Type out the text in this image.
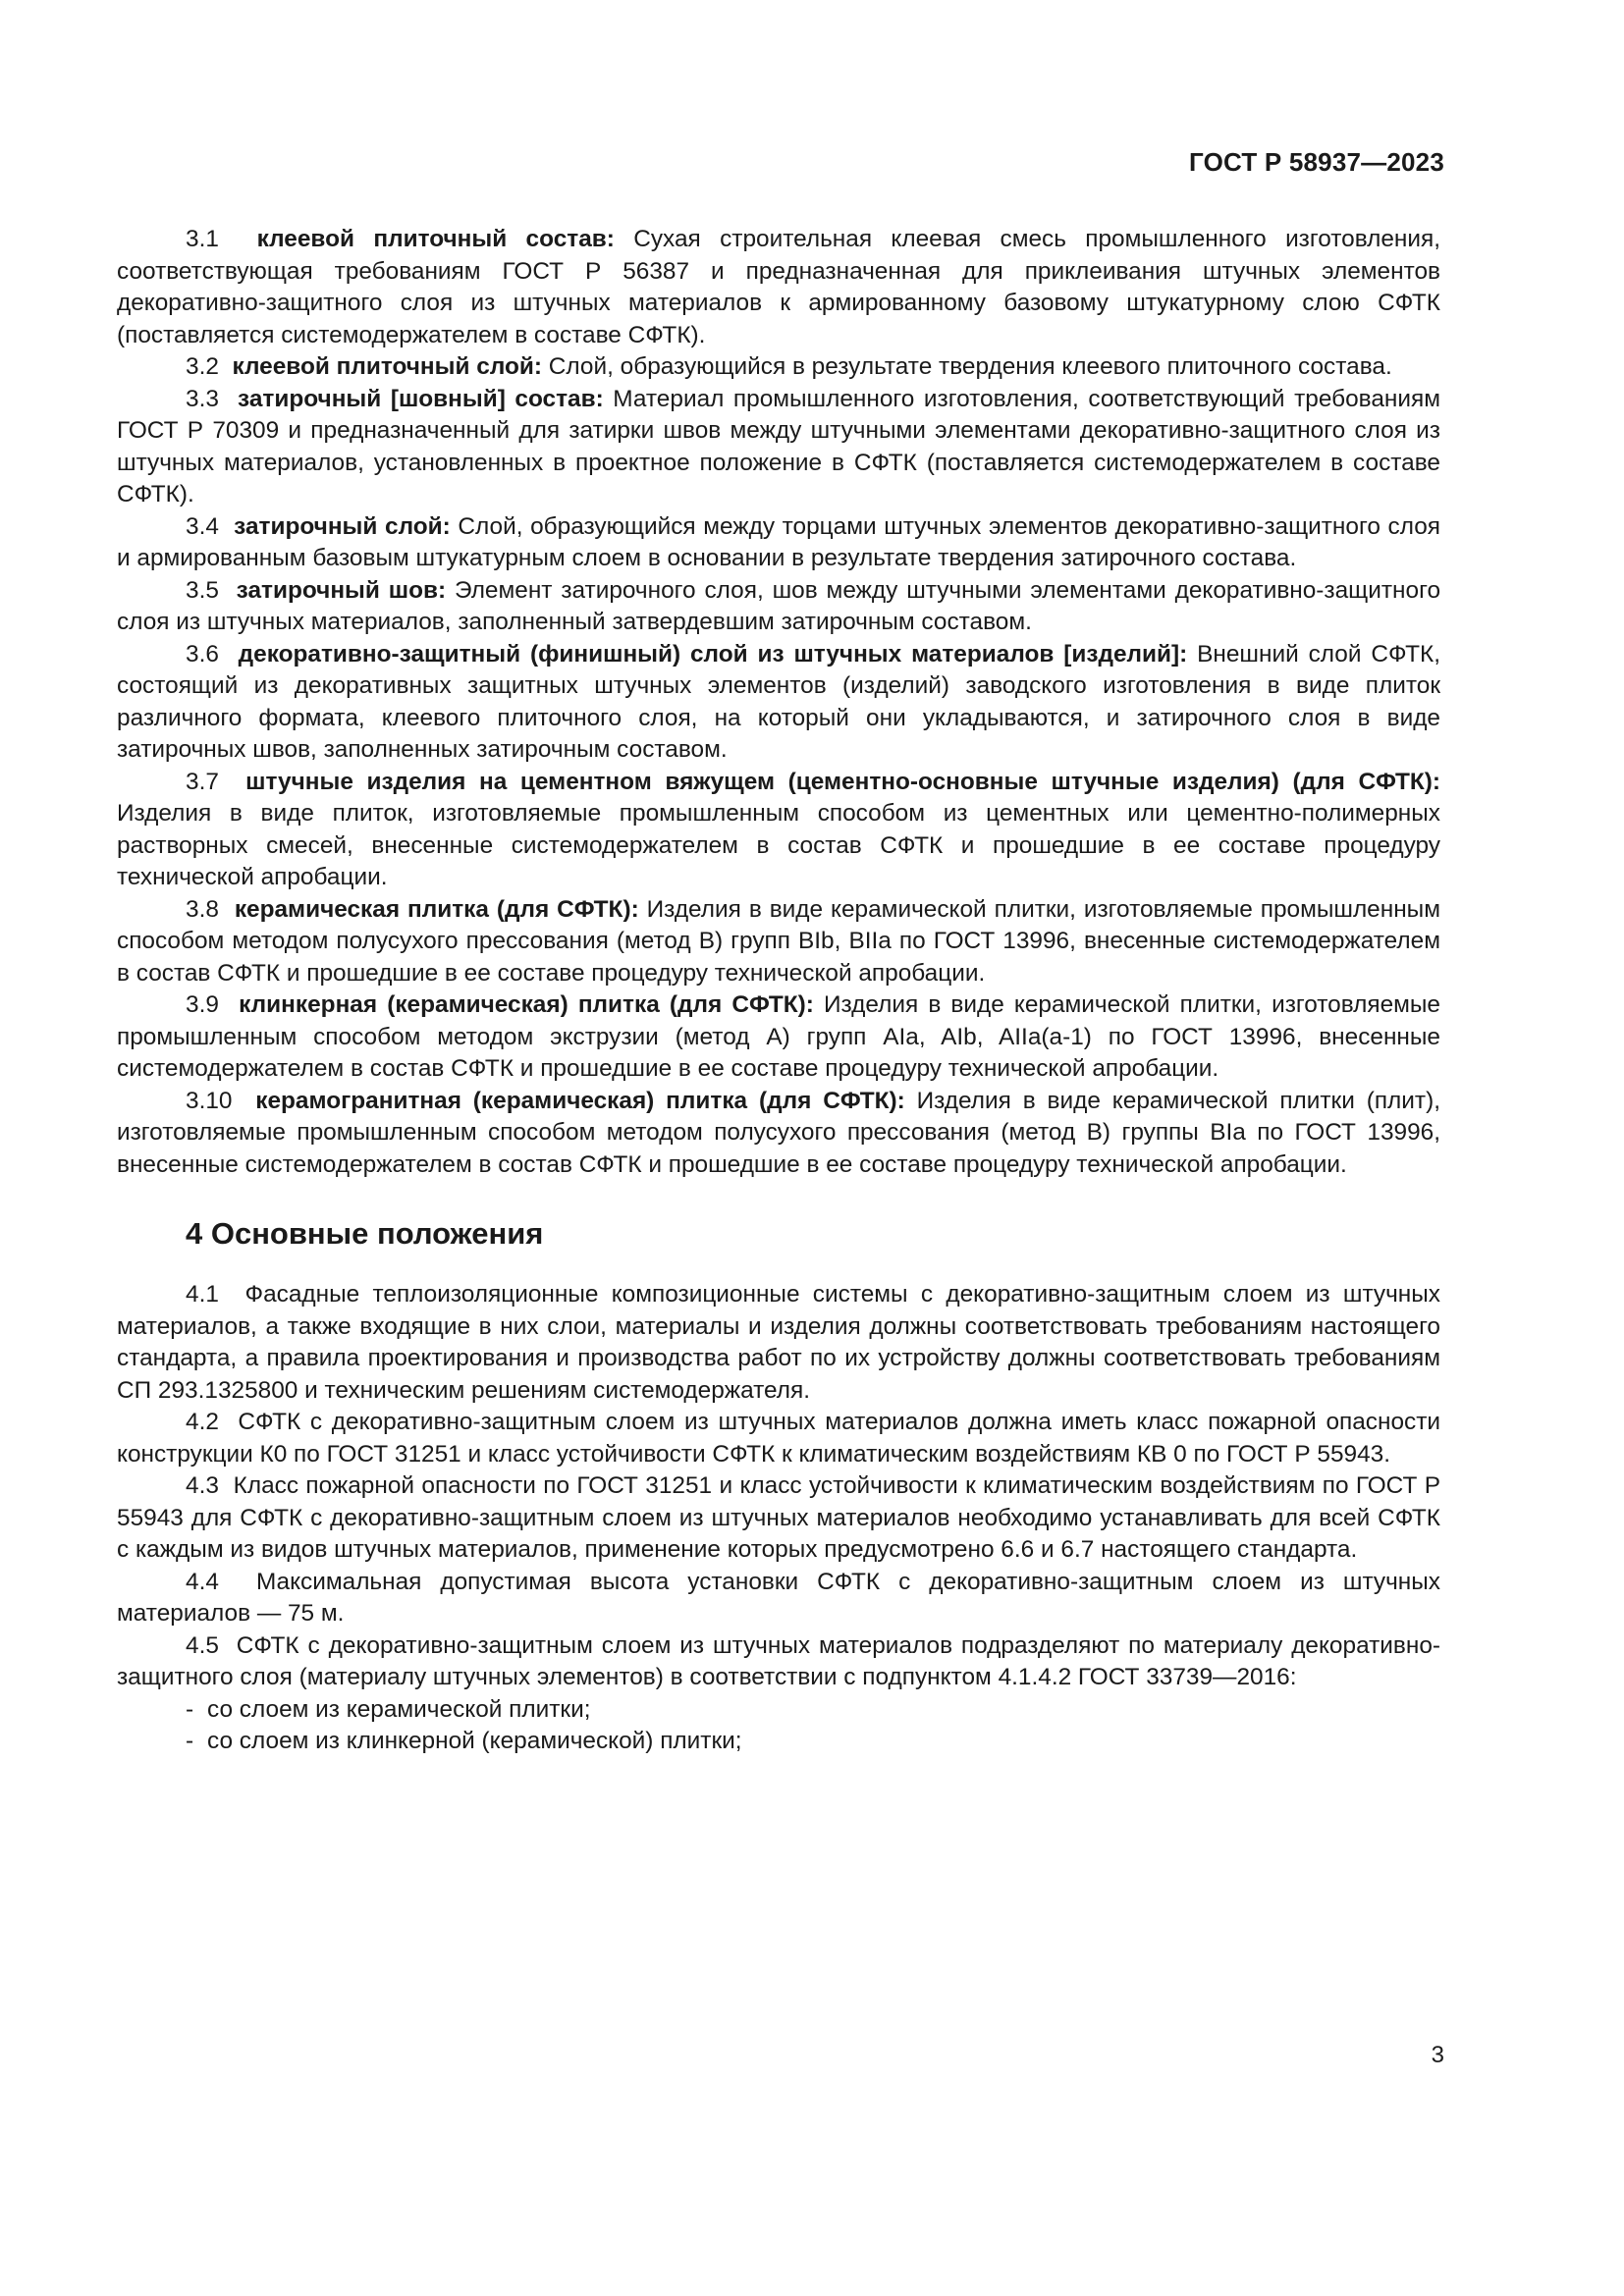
ГОСТ Р 58937—2023

3.1 клеевой плиточный состав: Сухая строительная клеевая смесь промышленного изготовления, соответствующая требованиям ГОСТ Р 56387 и предназначенная для приклеивания штучных элементов декоративно-защитного слоя из штучных материалов к армированному базовому штукатурному слою СФТК (поставляется системодержателем в составе СФТК).

3.2 клеевой плиточный слой: Слой, образующийся в результате твердения клеевого плиточного состава.

3.3 затирочный [шовный] состав: Материал промышленного изготовления, соответствующий требованиям ГОСТ Р 70309 и предназначенный для затирки швов между штучными элементами декоративно-защитного слоя из штучных материалов, установленных в проектное положение в СФТК (поставляется системодержателем в составе СФТК).

3.4 затирочный слой: Слой, образующийся между торцами штучных элементов декоративно-защитного слоя и армированным базовым штукатурным слоем в основании в результате твердения затирочного состава.

3.5 затирочный шов: Элемент затирочного слоя, шов между штучными элементами декоративно-защитного слоя из штучных материалов, заполненный затвердевшим затирочным составом.

3.6 декоративно-защитный (финишный) слой из штучных материалов [изделий]: Внешний слой СФТК, состоящий из декоративных защитных штучных элементов (изделий) заводского изготовления в виде плиток различного формата, клеевого плиточного слоя, на который они укладываются, и затирочного слоя в виде затирочных швов, заполненных затирочным составом.

3.7 штучные изделия на цементном вяжущем (цементно-основные штучные изделия) (для СФТК): Изделия в виде плиток, изготовляемые промышленным способом из цементных или цементно-полимерных растворных смесей, внесенные системодержателем в состав СФТК и прошедшие в ее составе процедуру технической апробации.

3.8 керамическая плитка (для СФТК): Изделия в виде керамической плитки, изготовляемые промышленным способом методом полусухого прессования (метод В) групп BIb, BIIa по ГОСТ 13996, внесенные системодержателем в состав СФТК и прошедшие в ее составе процедуру технической апробации.

3.9 клинкерная (керамическая) плитка (для СФТК): Изделия в виде керамической плитки, изготовляемые промышленным способом методом экструзии (метод А) групп AIa, AIb, AIIa(a-1) по ГОСТ 13996, внесенные системодержателем в состав СФТК и прошедшие в ее составе процедуру технической апробации.

3.10 керамогранитная (керамическая) плитка (для СФТК): Изделия в виде керамической плитки (плит), изготовляемые промышленным способом методом полусухого прессования (метод В) группы BIa по ГОСТ 13996, внесенные системодержателем в состав СФТК и прошедшие в ее составе процедуру технической апробации.

4 Основные положения

4.1 Фасадные теплоизоляционные композиционные системы с декоративно-защитным слоем из штучных материалов, а также входящие в них слои, материалы и изделия должны соответствовать требованиям настоящего стандарта, а правила проектирования и производства работ по их устройству должны соответствовать требованиям СП 293.1325800 и техническим решениям системодержателя.

4.2 СФТК с декоративно-защитным слоем из штучных материалов должна иметь класс пожарной опасности конструкции К0 по ГОСТ 31251 и класс устойчивости СФТК к климатическим воздействиям КВ 0 по ГОСТ Р 55943.

4.3 Класс пожарной опасности по ГОСТ 31251 и класс устойчивости к климатическим воздействиям по ГОСТ Р 55943 для СФТК с декоративно-защитным слоем из штучных материалов необходимо устанавливать для всей СФТК с каждым из видов штучных материалов, применение которых предусмотрено 6.6 и 6.7 настоящего стандарта.

4.4 Максимальная допустимая высота установки СФТК с декоративно-защитным слоем из штучных материалов — 75 м.

4.5 СФТК с декоративно-защитным слоем из штучных материалов подразделяют по материалу декоративно-защитного слоя (материалу штучных элементов) в соответствии с подпунктом 4.1.4.2 ГОСТ 33739—2016:

- со слоем из керамической плитки;
- со слоем из клинкерной (керамической) плитки;
3
